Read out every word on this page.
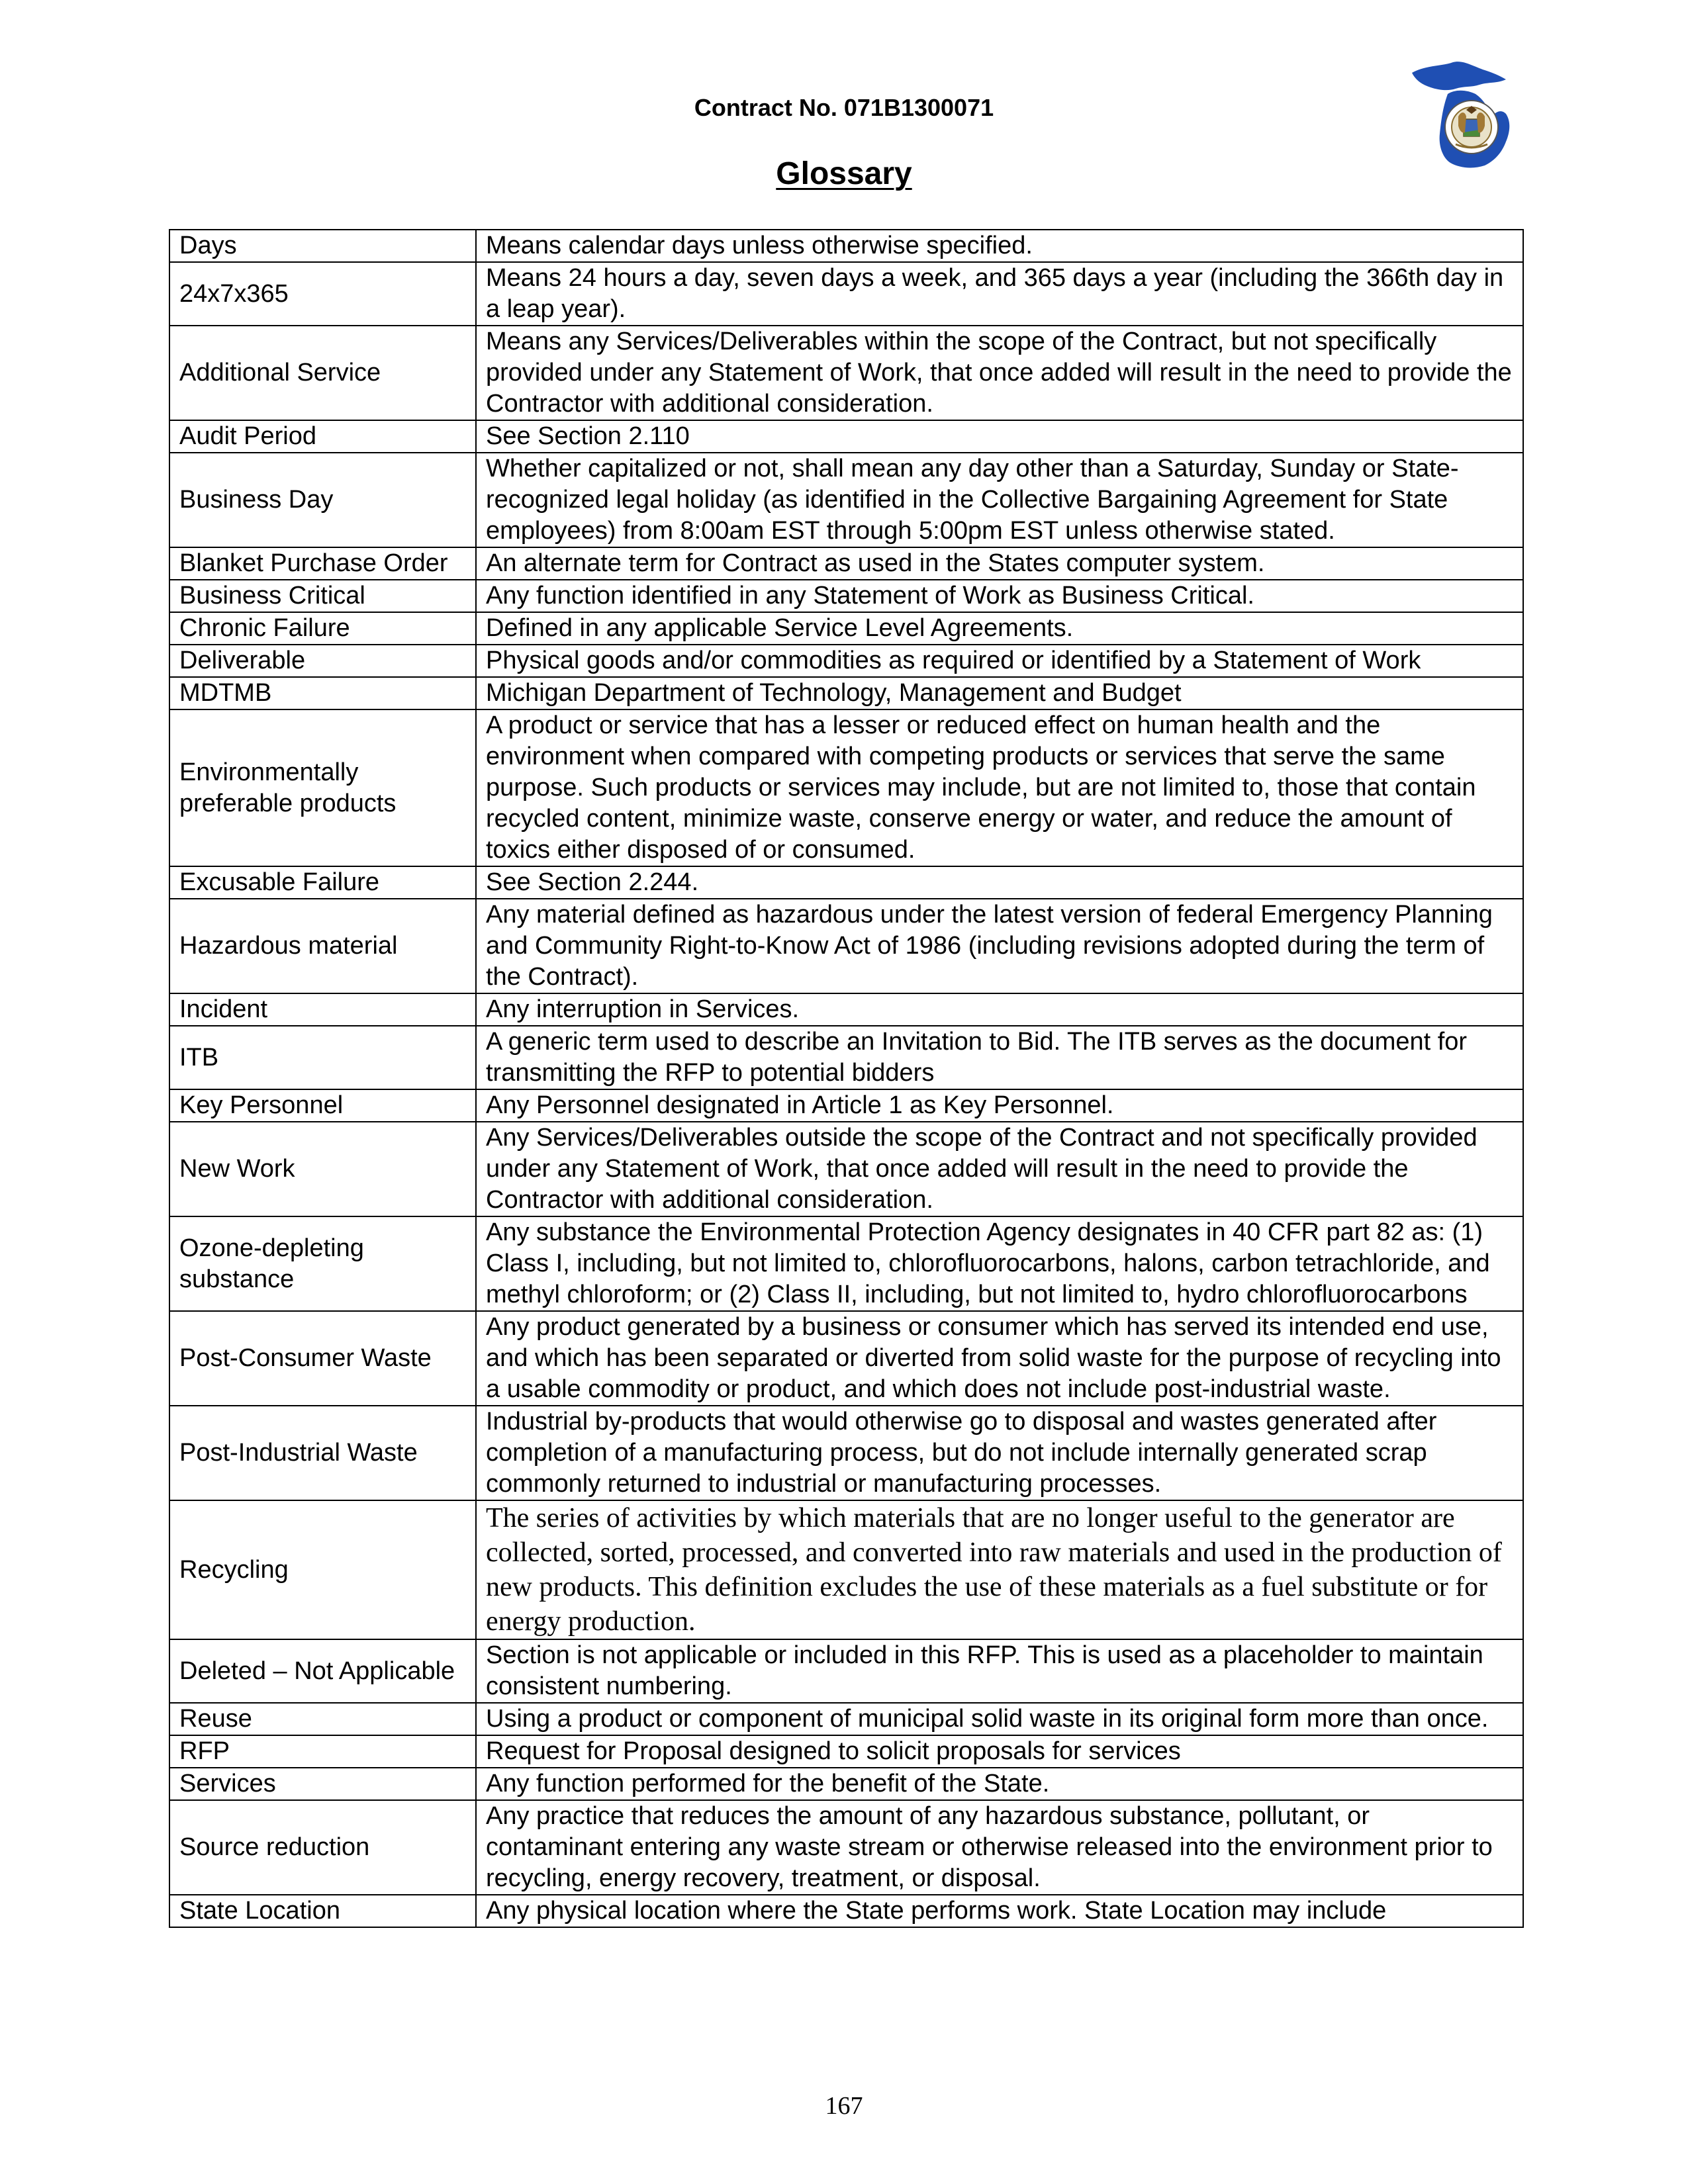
Contract No. 071B1300071
Glossary
Days	Means calendar days unless otherwise specified.
24x7x365	Means 24 hours a day, seven days a week, and 365 days a year (including the 366th day in a leap year).
Additional Service	Means any Services/Deliverables within the scope of the Contract, but not specifically provided under any Statement of Work, that once added will result in the need to provide the Contractor with additional consideration.
Audit Period	See Section 2.110
Business Day	Whether capitalized or not, shall mean any day other than a Saturday, Sunday or State-recognized legal holiday (as identified in the Collective Bargaining Agreement for State employees) from 8:00am EST through 5:00pm EST unless otherwise stated.
Blanket Purchase Order	An alternate term for Contract as used in the States computer system.
Business Critical	Any function identified in any Statement of Work as Business Critical.
Chronic Failure	Defined in any applicable Service Level Agreements.
Deliverable	Physical goods and/or commodities as required or identified by a Statement of Work
MDTMB	Michigan Department of Technology, Management and Budget
Environmentally preferable products	A product or service that has a lesser or reduced effect on human health and the environment when compared with competing products or services that serve the same purpose. Such products or services may include, but are not limited to, those that contain recycled content, minimize waste, conserve energy or water, and reduce the amount of toxics either disposed of or consumed.
Excusable Failure	See Section 2.244.
Hazardous material	Any material defined as hazardous under the latest version of federal Emergency Planning and Community Right-to-Know Act of 1986 (including revisions adopted during the term of the Contract).
Incident	Any interruption in Services.
ITB	A generic term used to describe an Invitation to Bid. The ITB serves as the document for transmitting the RFP to potential bidders
Key Personnel	Any Personnel designated in Article 1 as Key Personnel.
New Work	Any Services/Deliverables outside the scope of the Contract and not specifically provided under any Statement of Work, that once added will result in the need to provide the Contractor with additional consideration.
Ozone-depleting substance	Any substance the Environmental Protection Agency designates in 40 CFR part 82 as: (1) Class I, including, but not limited to, chlorofluorocarbons, halons, carbon tetrachloride, and methyl chloroform; or (2) Class II, including, but not limited to, hydro chlorofluorocarbons
Post-Consumer Waste	Any product generated by a business or consumer which has served its intended end use, and which has been separated or diverted from solid waste for the purpose of recycling into a usable commodity or product, and which does not include post-industrial waste.
Post-Industrial Waste	Industrial by-products that would otherwise go to disposal and wastes generated after completion of a manufacturing process, but do not include internally generated scrap commonly returned to industrial or manufacturing processes.
Recycling	The series of activities by which materials that are no longer useful to the generator are collected, sorted, processed, and converted into raw materials and used in the production of new products. This definition excludes the use of these materials as a fuel substitute or for energy production.
Deleted – Not Applicable	Section is not applicable or included in this RFP. This is used as a placeholder to maintain consistent numbering.
Reuse	Using a product or component of municipal solid waste in its original form more than once.
RFP	Request for Proposal designed to solicit proposals for services
Services	Any function performed for the benefit of the State.
Source reduction	Any practice that reduces the amount of any hazardous substance, pollutant, or contaminant entering any waste stream or otherwise released into the environment prior to recycling, energy recovery, treatment, or disposal.
State Location	Any physical location where the State performs work. State Location may include
167
